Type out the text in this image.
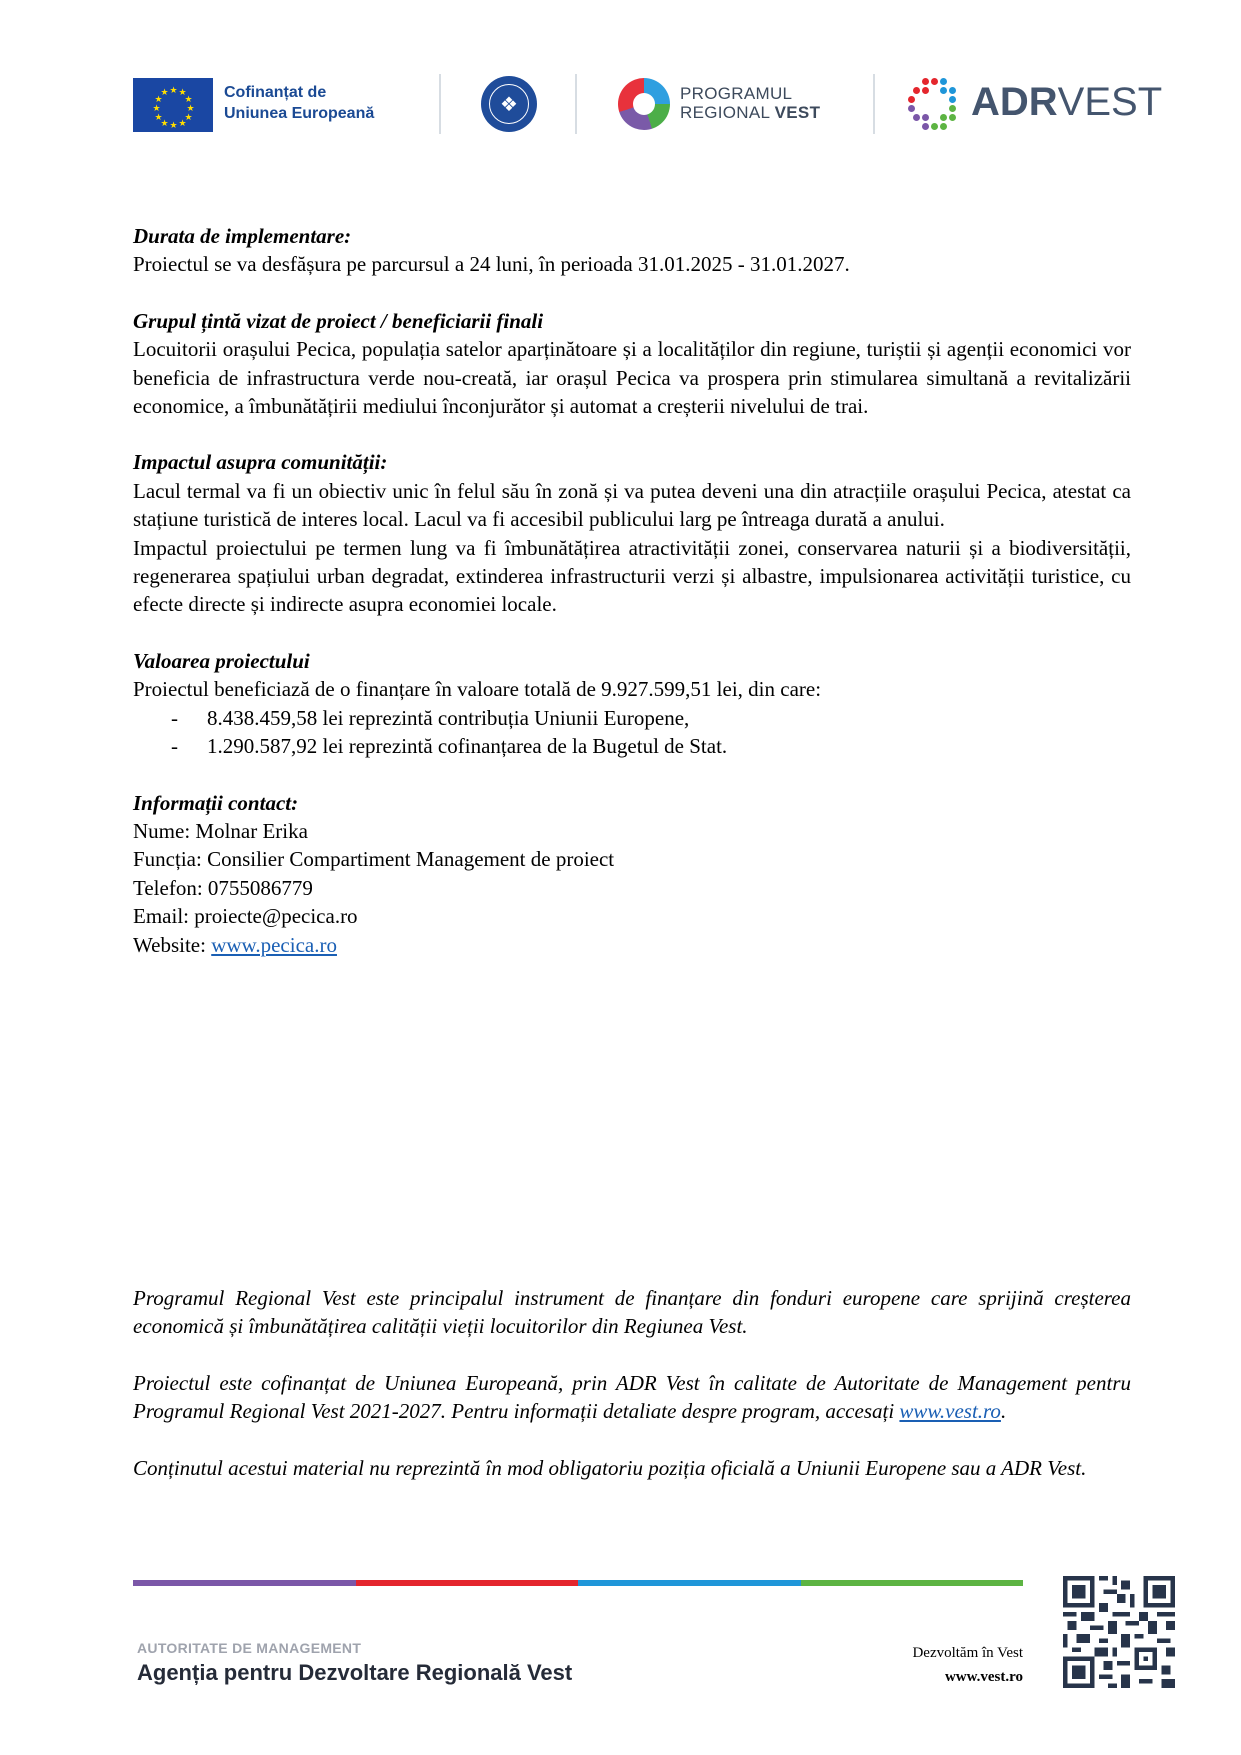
★ ★
★
★
★
★
★
★
★
★
★
★	Cofinanțat de
Uniunea Europeană	❖	PROGRAMUL
REGIONAL VEST	ADRVEST

Durata de implementare:

Proiectul se va desfășura pe parcursul a 24 luni, în perioada 31.01.2025 - 31.01.2027.

Grupul țintă vizat de proiect / beneficiarii finali

Locuitorii orașului Pecica, populația satelor aparținătoare și a localităților din regiune, turiștii și agenții economici vor beneficia de infrastructura verde nou-creată, iar orașul Pecica va prospera prin stimularea simultană a revitalizării economice, a îmbunătățirii mediului înconjurător și automat a creșterii nivelului de trai.

Impactul asupra comunității:

Lacul termal va fi un obiectiv unic în felul său în zonă și va putea deveni una din atracțiile orașului Pecica, atestat ca stațiune turistică de interes local. Lacul va fi accesibil publicului larg pe întreaga durată a anului.

Impactul proiectului pe termen lung va fi îmbunătățirea atractivității zonei, conservarea naturii și a biodiversității, regenerarea spațiului urban degradat, extinderea infrastructurii verzi și albastre, impulsionarea activității turistice, cu efecte directe și indirecte asupra economiei locale.

Valoarea proiectului

Proiectul beneficiază de o finanțare în valoare totală de 9.927.599,51 lei, din care:

-	8.438.459,58 lei reprezintă contribuția Uniunii Europene,
-	1.290.587,92 lei reprezintă cofinanțarea de la Bugetul de Stat.

Informații contact:

Nume: Molnar Erika

Funcția: Consilier Compartiment Management de proiect

Telefon: 0755086779

Email: proiecte@pecica.ro

Website: www.pecica.ro

Programul Regional Vest este principalul instrument de finanțare din fonduri europene care sprijină creșterea economică și îmbunătățirea calității vieții locuitorilor din Regiunea Vest.

Proiectul este cofinanțat de Uniunea Europeană, prin ADR Vest în calitate de Autoritate de Management pentru Programul Regional Vest 2021-2027. Pentru informații detaliate despre program, accesați www.vest.ro.

Conținutul acestui material nu reprezintă în mod obligatoriu poziția oficială a Uniunii Europene sau a ADR Vest.

AUTORITATE DE MANAGEMENT
Agenția pentru Dezvoltare Regională Vest
Dezvoltăm în Vest
www.vest.ro
